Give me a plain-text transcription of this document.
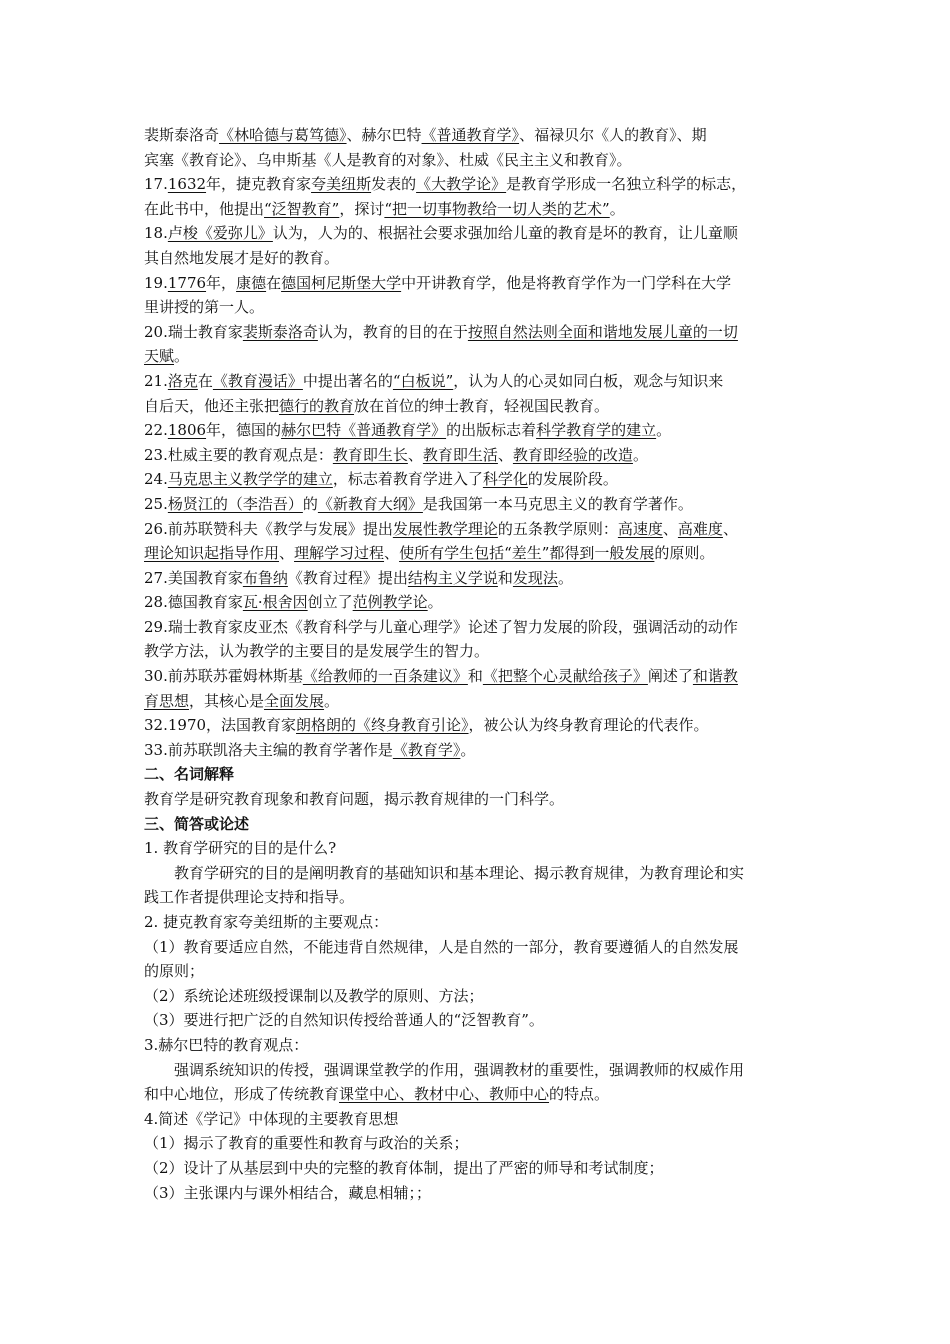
裴斯泰洛奇《林哈德与葛笃德》、赫尔巴特《普通教育学》、福禄贝尔《人的教育》、期
宾塞《教育论》、乌申斯基《人是教育的对象》、杜威《民主主义和教育》。
17.1632年，捷克教育家夸美纽斯发表的《大教学论》是教育学形成一名独立科学的标志，
在此书中，他提出“泛智教育”，探讨“把一切事物教给一切人类的艺术”。
18.卢梭《爱弥儿》认为，人为的、根据社会要求强加给儿童的教育是坏的教育，让儿童顺
其自然地发展才是好的教育。
19.1776年，康德在德国柯尼斯堡大学中开讲教育学，他是将教育学作为一门学科在大学
里讲授的第一人。
20.瑞士教育家裴斯泰洛奇认为，教育的目的在于按照自然法则全面和谐地发展儿童的一切
天赋。
21.洛克在《教育漫话》中提出著名的“白板说”，认为人的心灵如同白板，观念与知识来
自后天，他还主张把德行的教育放在首位的绅士教育，轻视国民教育。
22.1806年，德国的赫尔巴特《普通教育学》的出版标志着科学教育学的建立。
23.杜威主要的教育观点是：教育即生长、教育即生活、教育即经验的改造。
24.马克思主义教学学的建立，标志着教育学进入了科学化的发展阶段。
25.杨贤江的（李浩吾）的《新教育大纲》是我国第一本马克思主义的教育学著作。
26.前苏联赞科夫《教学与发展》提出发展性教学理论的五条教学原则：高速度、高难度、
理论知识起指导作用、理解学习过程、使所有学生包括“差生”都得到一般发展的原则。
27.美国教育家布鲁纳《教育过程》提出结构主义学说和发现法。
28.德国教育家瓦·根舍因创立了范例教学论。
29.瑞士教育家皮亚杰《教育科学与儿童心理学》论述了智力发展的阶段，强调活动的动作
教学方法，认为教学的主要目的是发展学生的智力。
30.前苏联苏霍姆林斯基《给教师的一百条建议》和《把整个心灵献给孩子》阐述了和谐教
育思想，其核心是全面发展。
32.1970，法国教育家朗格朗的《终身教育引论》，被公认为终身教育理论的代表作。
33.前苏联凯洛夫主编的教育学著作是《教育学》。
二、名词解释
教育学是研究教育现象和教育问题，揭示教育规律的一门科学。
三、简答或论述
1. 教育学研究的目的是什么?
教育学研究的目的是阐明教育的基础知识和基本理论、揭示教育规律，为教育理论和实
践工作者提供理论支持和指导。
2. 捷克教育家夸美纽斯的主要观点：
（1）教育要适应自然，不能违背自然规律，人是自然的一部分，教育要遵循人的自然发展
的原则；
（2）系统论述班级授课制以及教学的原则、方法；
（3）要进行把广泛的自然知识传授给普通人的“泛智教育”。
3.赫尔巴特的教育观点：
强调系统知识的传授，强调课堂教学的作用，强调教材的重要性，强调教师的权威作用
和中心地位，形成了传统教育课堂中心、教材中心、教师中心的特点。
4.简述《学记》中体现的主要教育思想
（1）揭示了教育的重要性和教育与政治的关系；
（2）设计了从基层到中央的完整的教育体制，提出了严密的师导和考试制度；
（3）主张课内与课外相结合，藏息相辅；；
